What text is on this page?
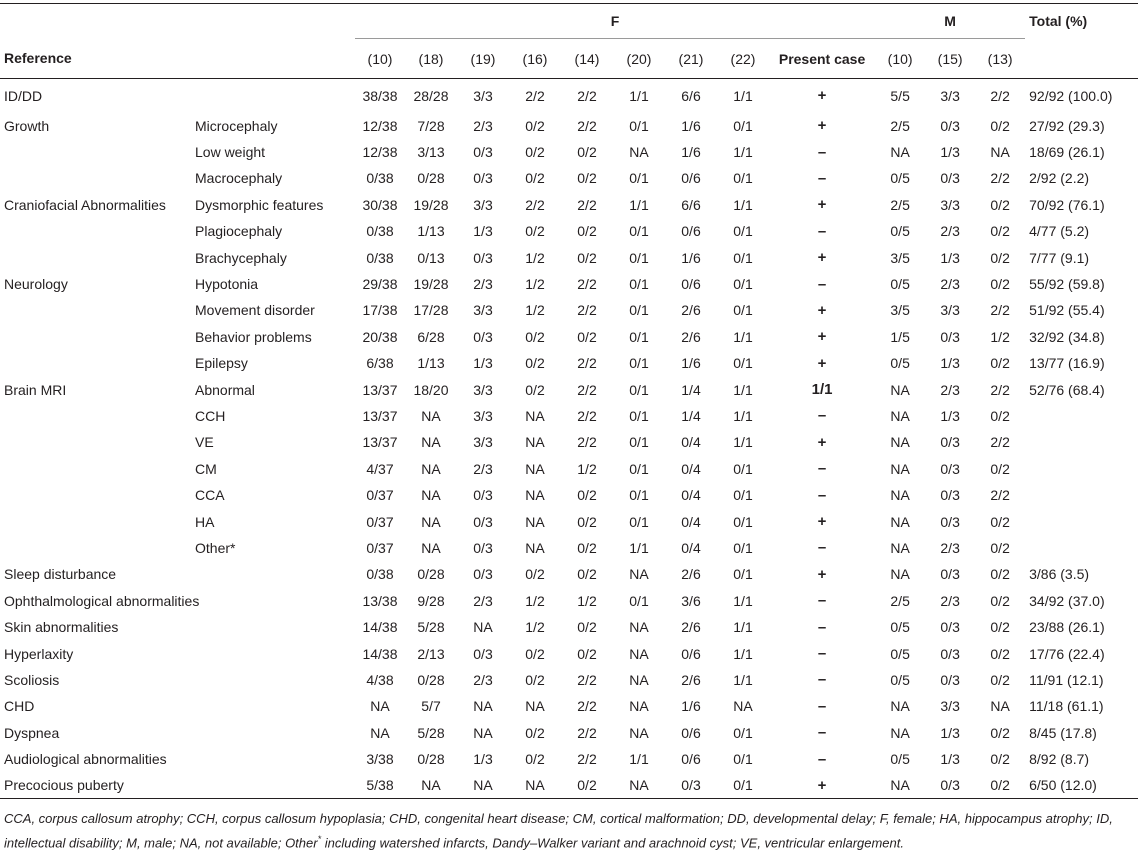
		F									M			Total (%)
Reference		(10)	(18)	(19)	(16)	(14)	(20)	(21)	(22)	Present case	(10)	(15)	(13)	
ID/DD		38/38	28/28	3/3	2/2	2/2	1/1	6/6	1/1	+	5/5	3/3	2/2	92/92 (100.0)
Growth	Microcephaly	12/38	7/28	2/3	0/2	2/2	0/1	1/6	0/1	+	2/5	0/3	0/2	27/92 (29.3)
	Low weight	12/38	3/13	0/3	0/2	0/2	NA	1/6	1/1	–	NA	1/3	NA	18/69 (26.1)
	Macrocephaly	0/38	0/28	0/3	0/2	0/2	0/1	0/6	0/1	–	0/5	0/3	2/2	2/92 (2.2)
Craniofacial Abnormalities	Dysmorphic features	30/38	19/28	3/3	2/2	2/2	1/1	6/6	1/1	+	2/5	3/3	0/2	70/92 (76.1)
	Plagiocephaly	0/38	1/13	1/3	0/2	0/2	0/1	0/6	0/1	–	0/5	2/3	0/2	4/77 (5.2)
	Brachycephaly	0/38	0/13	0/3	1/2	0/2	0/1	1/6	0/1	+	3/5	1/3	0/2	7/77 (9.1)
Neurology	Hypotonia	29/38	19/28	2/3	1/2	2/2	0/1	0/6	0/1	–	0/5	2/3	0/2	55/92 (59.8)
	Movement disorder	17/38	17/28	3/3	1/2	2/2	0/1	2/6	0/1	+	3/5	3/3	2/2	51/92 (55.4)
	Behavior problems	20/38	6/28	0/3	0/2	0/2	0/1	2/6	1/1	+	1/5	0/3	1/2	32/92 (34.8)
	Epilepsy	6/38	1/13	1/3	0/2	2/2	0/1	1/6	0/1	+	0/5	1/3	0/2	13/77 (16.9)
Brain MRI	Abnormal	13/37	18/20	3/3	0/2	2/2	0/1	1/4	1/1	1/1	NA	2/3	2/2	52/76 (68.4)
	CCH	13/37	NA	3/3	NA	2/2	0/1	1/4	1/1	–	NA	1/3	0/2	
	VE	13/37	NA	3/3	NA	2/2	0/1	0/4	1/1	+	NA	0/3	2/2	
	CM	4/37	NA	2/3	NA	1/2	0/1	0/4	0/1	–	NA	0/3	0/2	
	CCA	0/37	NA	0/3	NA	0/2	0/1	0/4	0/1	–	NA	0/3	2/2	
	HA	0/37	NA	0/3	NA	0/2	0/1	0/4	0/1	+	NA	0/3	0/2	
	Other*	0/37	NA	0/3	NA	0/2	1/1	0/4	0/1	–	NA	2/3	0/2	
Sleep disturbance		0/38	0/28	0/3	0/2	0/2	NA	2/6	0/1	+	NA	0/3	0/2	3/86 (3.5)
Ophthalmological abnormalities		13/38	9/28	2/3	1/2	1/2	0/1	3/6	1/1	–	2/5	2/3	0/2	34/92 (37.0)
Skin abnormalities		14/38	5/28	NA	1/2	0/2	NA	2/6	1/1	–	0/5	0/3	0/2	23/88 (26.1)
Hyperlaxity		14/38	2/13	0/3	0/2	0/2	NA	0/6	1/1	–	0/5	0/3	0/2	17/76 (22.4)
Scoliosis		4/38	0/28	2/3	0/2	2/2	NA	2/6	1/1	–	0/5	0/3	0/2	11/91 (12.1)
CHD		NA	5/7	NA	NA	2/2	NA	1/6	NA	–	NA	3/3	NA	11/18 (61.1)
Dyspnea		NA	5/28	NA	0/2	2/2	NA	0/6	0/1	–	NA	1/3	0/2	8/45 (17.8)
Audiological abnormalities		3/38	0/28	1/3	0/2	2/2	1/1	0/6	0/1	–	0/5	1/3	0/2	8/92 (8.7)
Precocious puberty		5/38	NA	NA	NA	0/2	NA	0/3	0/1	+	NA	0/3	0/2	6/50 (12.0)
CCA, corpus callosum atrophy; CCH, corpus callosum hypoplasia; CHD, congenital heart disease; CM, cortical malformation; DD, developmental delay; F, female; HA, hippocampus atrophy; ID, intellectual disability; M, male; NA, not available; Other* including watershed infarcts, Dandy–Walker variant and arachnoid cyst; VE, ventricular enlargement.
